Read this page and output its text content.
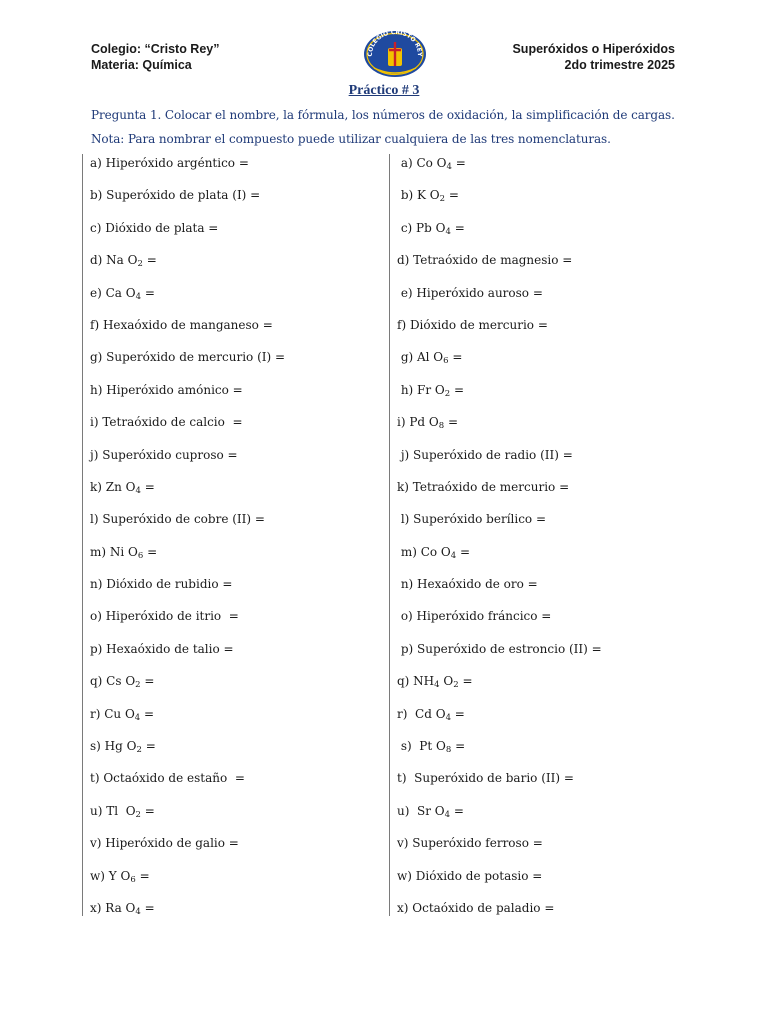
Colegio: “Cristo Rey”
Materia: Química
COLEGIO CRISTO REY	Superóxidos o Hiperóxidos
2do trimestre 2025
Práctico # 3
Pregunta 1. Colocar el nombre, la fórmula, los números de oxidación, la simplificación de cargas.
Nota: Para nombrar el compuesto puede utilizar cualquiera de las tres nomenclaturas.
a) Hiperóxido argéntico =
b) Superóxido de plata (I) =
c) Dióxido de plata =
d) Na $O_2$ =
e) Ca $O_4$ =
f) Hexaóxido de manganeso =
g) Superóxido de mercurio (I) =
h) Hiperóxido amónico =
i) Tetraóxido de calcio  =
j) Superóxido cuproso =
k) Zn $O_4$ =
l) Superóxido de cobre (II) =
m) Ni $O_6$ =
n) Dióxido de rubidio =
o) Hiperóxido de itrio  =
p) Hexaóxido de talio =
q) Cs $O_2$ =
r) Cu $O_4$ =
s) Hg $O_2$ =
t) Octaóxido de estaño  =
u) Tl  $O_2$ =
v) Hiperóxido de galio =
w) Y $O_6$ =
x) Ra $O_4$ =
a) Co $O_4$ =
b) K $O_2$ =
c) Pb $O_4$ =
d) Tetraóxido de magnesio =
e) Hiperóxido auroso =
f) Dióxido de mercurio =
g) Al $O_6$ =
h) Fr $O_2$ =
i) Pd $O_8$ =
j) Superóxido de radio (II) =
k) Tetraóxido de mercurio =
l) Superóxido berílico =
m) Co $O_4$ =
n) Hexaóxido de oro =
o) Hiperóxido fráncico =
p) Superóxido de estroncio (II) =
q) $NH_4$ $O_2$ =
r)  Cd $O_4$ =
s)  Pt $O_8$ =
t)  Superóxido de bario (II) =
u)  Sr $O_4$ =
v) Superóxido ferroso =
w) Dióxido de potasio =
x) Octaóxido de paladio =
